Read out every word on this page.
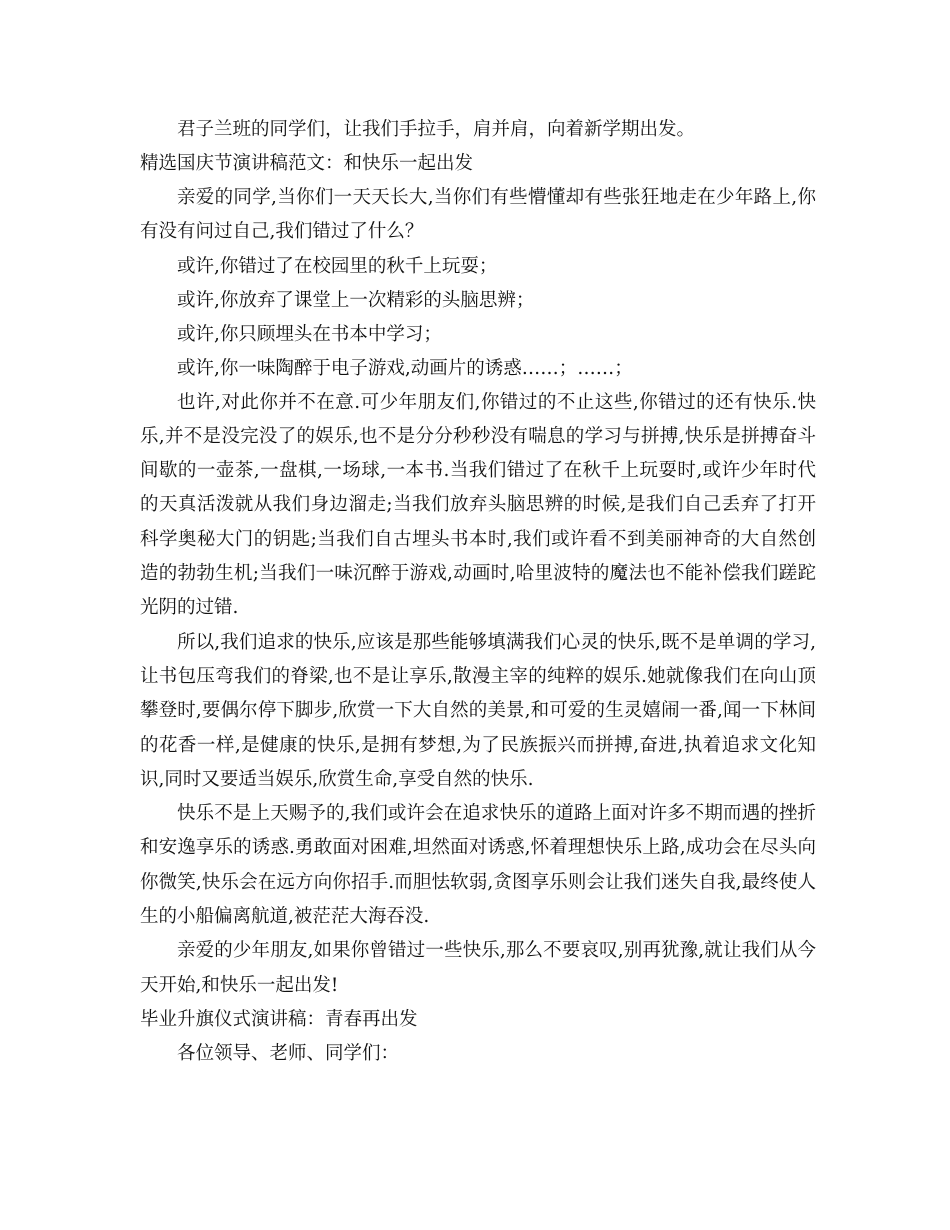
君子兰班的同学们，让我们手拉手，肩并肩，向着新学期出发。

精选国庆节演讲稿范文：和快乐一起出发

亲爱的同学,当你们一天天长大,当你们有些懵懂却有些张狂地走在少年路上,你有没有问过自己,我们错过了什么？

或许,你错过了在校园里的秋千上玩耍；

或许,你放弃了课堂上一次精彩的头脑思辨；

或许,你只顾埋头在书本中学习；

或许,你一味陶醉于电子游戏,动画片的诱惑……；……；

也许,对此你并不在意.可少年朋友们,你错过的不止这些,你错过的还有快乐.快乐,并不是没完没了的娱乐,也不是分分秒秒没有喘息的学习与拼搏,快乐是拼搏奋斗间歇的一壶茶,一盘棋,一场球,一本书.当我们错过了在秋千上玩耍时,或许少年时代的天真活泼就从我们身边溜走;当我们放弃头脑思辨的时候,是我们自己丢弃了打开科学奥秘大门的钥匙;当我们自古埋头书本时,我们或许看不到美丽神奇的大自然创造的勃勃生机;当我们一味沉醉于游戏,动画时,哈里波特的魔法也不能补偿我们蹉跎光阴的过错.

所以,我们追求的快乐,应该是那些能够填满我们心灵的快乐,既不是单调的学习,让书包压弯我们的脊梁,也不是让享乐,散漫主宰的纯粹的娱乐.她就像我们在向山顶攀登时,要偶尔停下脚步,欣赏一下大自然的美景,和可爱的生灵嬉闹一番,闻一下林间的花香一样,是健康的快乐,是拥有梦想,为了民族振兴而拼搏,奋进,执着追求文化知识,同时又要适当娱乐,欣赏生命,享受自然的快乐.

快乐不是上天赐予的,我们或许会在追求快乐的道路上面对许多不期而遇的挫折和安逸享乐的诱惑.勇敢面对困难,坦然面对诱惑,怀着理想快乐上路,成功会在尽头向你微笑,快乐会在远方向你招手.而胆怯软弱,贪图享乐则会让我们迷失自我,最终使人生的小船偏离航道,被茫茫大海吞没.

亲爱的少年朋友,如果你曾错过一些快乐,那么不要哀叹,别再犹豫,就让我们从今天开始,和快乐一起出发!

毕业升旗仪式演讲稿：青春再出发

各位领导、老师、同学们：
